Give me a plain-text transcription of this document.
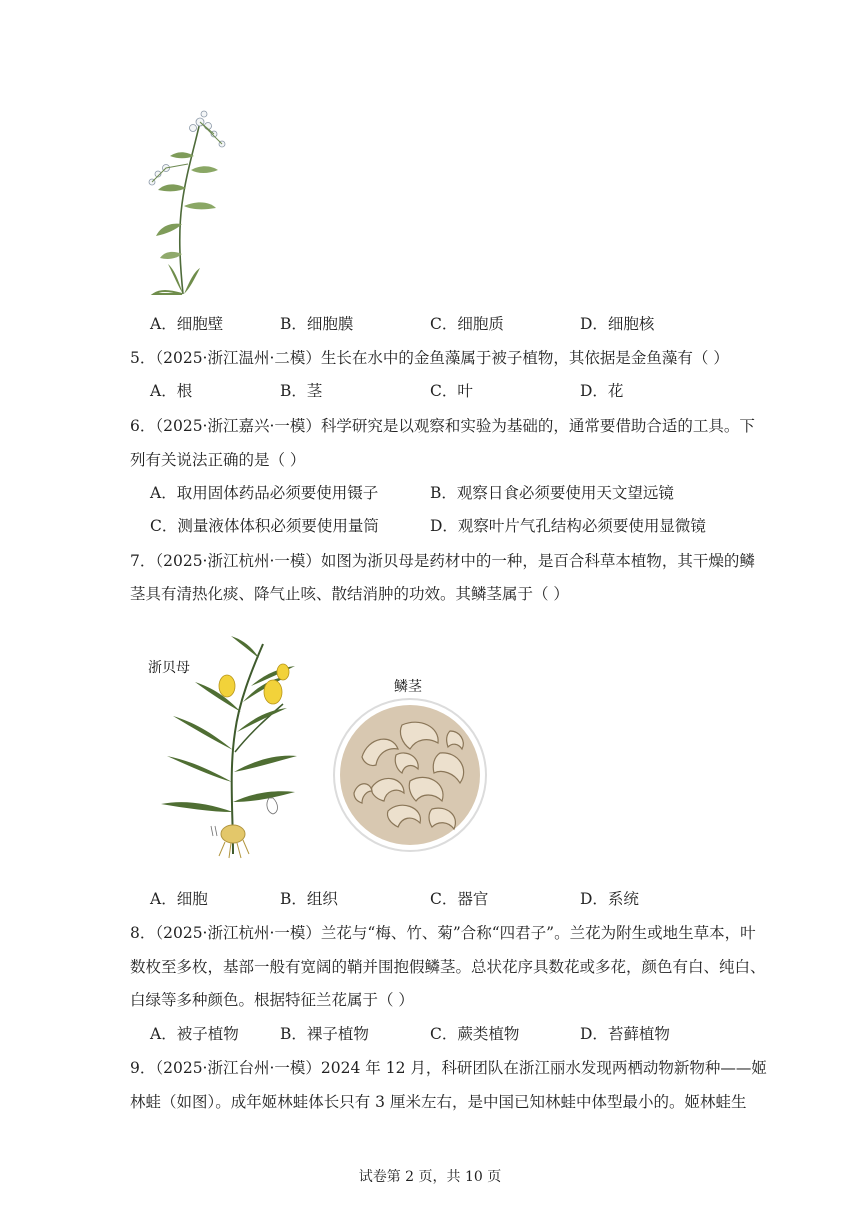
A．细胞壁	B．细胞膜	C．细胞质	D．细胞核
5．（2025·浙江温州·二模）生长在水中的金鱼藻属于被子植物，其依据是金鱼藻有（ ）
A．根	B．茎	C．叶	D．花
6．（2025·浙江嘉兴·一模）科学研究是以观察和实验为基础的，通常要借助合适的工具。下
列有关说法正确的是（ ）
A．取用固体药品必须要使用镊子	B．观察日食必须要使用天文望远镜
C．测量液体体积必须要使用量筒	D．观察叶片气孔结构必须要使用显微镜
7．（2025·浙江杭州·一模）如图为浙贝母是药材中的一种，是百合科草本植物，其干燥的鳞
茎具有清热化痰、降气止咳、散结消肿的功效。其鳞茎属于（ ）
浙贝母
鳞茎
A．细胞	B．组织	C．器官	D．系统
8．（2025·浙江杭州·一模）兰花与“梅、竹、菊”合称“四君子”。兰花为附生或地生草本，叶
数枚至多枚，基部一般有宽阔的鞘并围抱假鳞茎。总状花序具数花或多花，颜色有白、纯白、
白绿等多种颜色。根据特征兰花属于（ ）
A．被子植物	B．裸子植物	C．蕨类植物	D．苔藓植物
9．（2025·浙江台州·一模）2024 年 12 月，科研团队在浙江丽水发现两栖动物新物种——姬
林蛙（如图）。成年姬林蛙体长只有 3 厘米左右，是中国已知林蛙中体型最小的。姬林蛙生
试卷第 2 页，共 10 页
